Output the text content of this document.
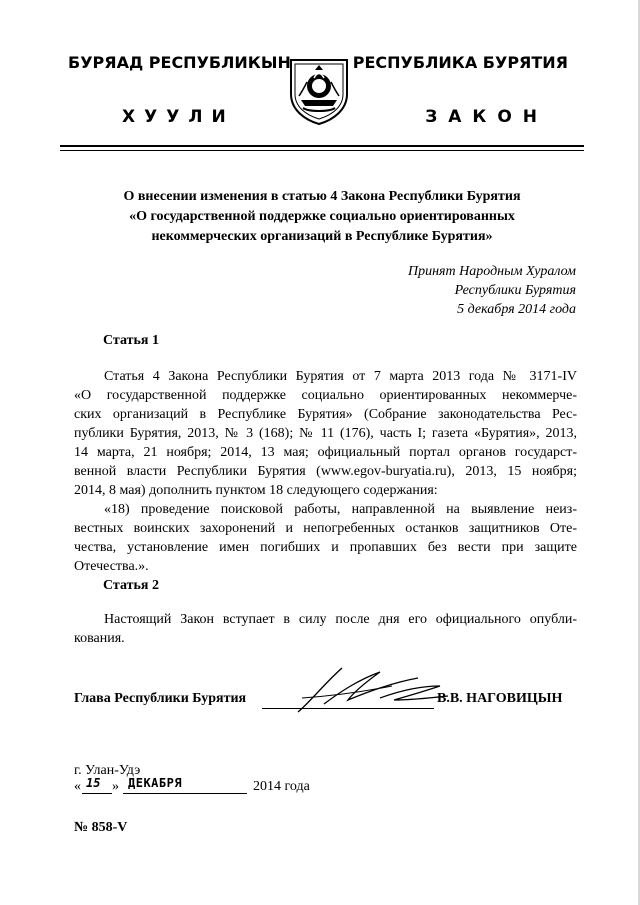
БУРЯАД РЕСПУБЛИКЫН	РЕСПУБЛИКА БУРЯТИЯ
ХУУЛИ	ЗАКОН
О внесении изменения в статью 4 Закона Республики Бурятия
«О государственной поддержке социально ориентированных
некоммерческих организаций в Республике Бурятия»
Принят Народным Хуралом
Республики Бурятия
5 декабря 2014 года
Статья 1
Статья 4 Закона Республики Бурятия от 7 марта 2013 года № 3171-IV
«О государственной поддержке социально ориентированных некоммерче-
ских организаций в Республике Бурятия» (Собрание законодательства Рес-
публики Бурятия, 2013, № 3 (168); № 11 (176), часть I; газета «Бурятия», 2013,
14 марта, 21 ноября; 2014, 13 мая; официальный портал органов государст-
венной власти Республики Бурятия (www.egov-buryatia.ru), 2013, 15 ноября;
2014, 8 мая) дополнить пунктом 18 следующего содержания:
«18) проведение поисковой работы, направленной на выявление неиз-
вестных воинских захоронений и непогребенных останков защитников Оте-
чества, установление имен погибших и пропавших без вести при защите
Отечества.».
Статья 2
Настоящий Закон вступает в силу после дня его официального опубли-
кования.
Глава Республики Бурятия	В.В. НАГОВИЦЫН
г. Улан-Удэ
« 15 » ДЕКАБРЯ	2014 года
№ 858-V
